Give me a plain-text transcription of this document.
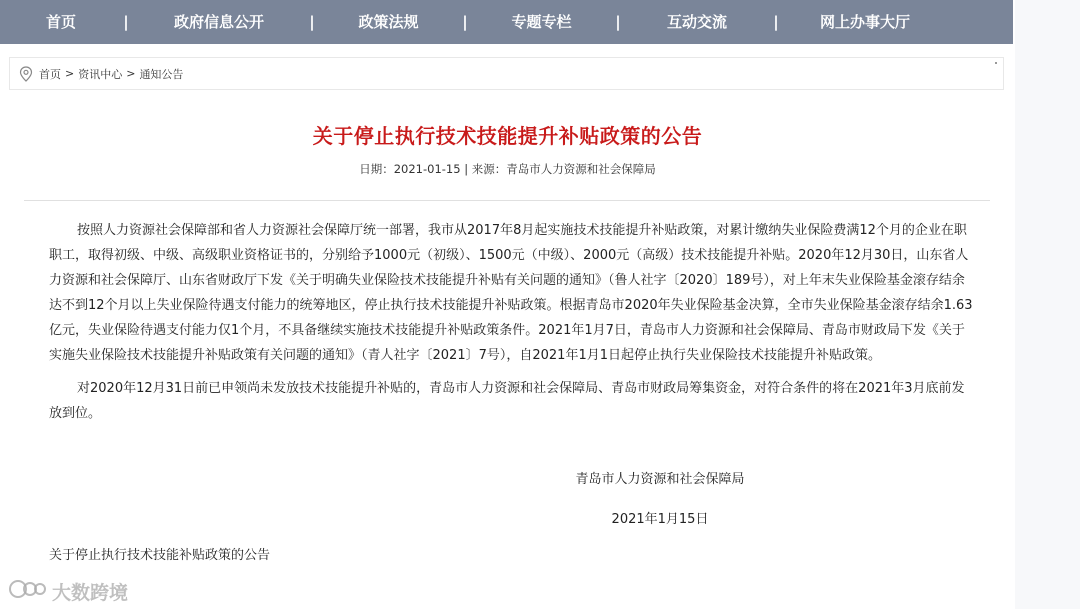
首页	|	政府信息公开	|	政策法规	|	专题专栏	|	互动交流	|	网上办事大厅
首页 > 资讯中心 > 通知公告
关于停止执行技术技能提升补贴政策的公告
日期：2021-01-15 | 来源：青岛市人力资源和社会保障局

按照人力资源社会保障部和省人力资源社会保障厅统一部署，我市从2017年8月起实施技术技能提升补贴政策，对累计缴纳失业保险费满12个月的企业在职职工，取得初级、中级、高级职业资格证书的，分别给予1000元（初级）、1500元（中级）、2000元（高级）技术技能提升补贴。2020年12月30日，山东省人力资源和社会保障厅、山东省财政厅下发《关于明确失业保险技术技能提升补贴有关问题的通知》（鲁人社字〔2020〕189号），对上年末失业保险基金滚存结余达不到12个月以上失业保险待遇支付能力的统筹地区，停止执行技术技能提升补贴政策。根据青岛市2020年失业保险基金决算，全市失业保险基金滚存结余1.63亿元，失业保险待遇支付能力仅1个月，不具备继续实施技术技能提升补贴政策条件。2021年1月7日，青岛市人力资源和社会保障局、青岛市财政局下发《关于实施失业保险技术技能提升补贴政策有关问题的通知》（青人社字〔2021〕7号），自2021年1月1日起停止执行失业保险技术技能提升补贴政策。

对2020年12月31日前已申领尚未发放技术技能提升补贴的，青岛市人力资源和社会保障局、青岛市财政局筹集资金，对符合条件的将在2021年3月底前发放到位。

青岛市人力资源和社会保障局
2021年1月15日
关于停止执行技术技能补贴政策的公告
大数跨境
